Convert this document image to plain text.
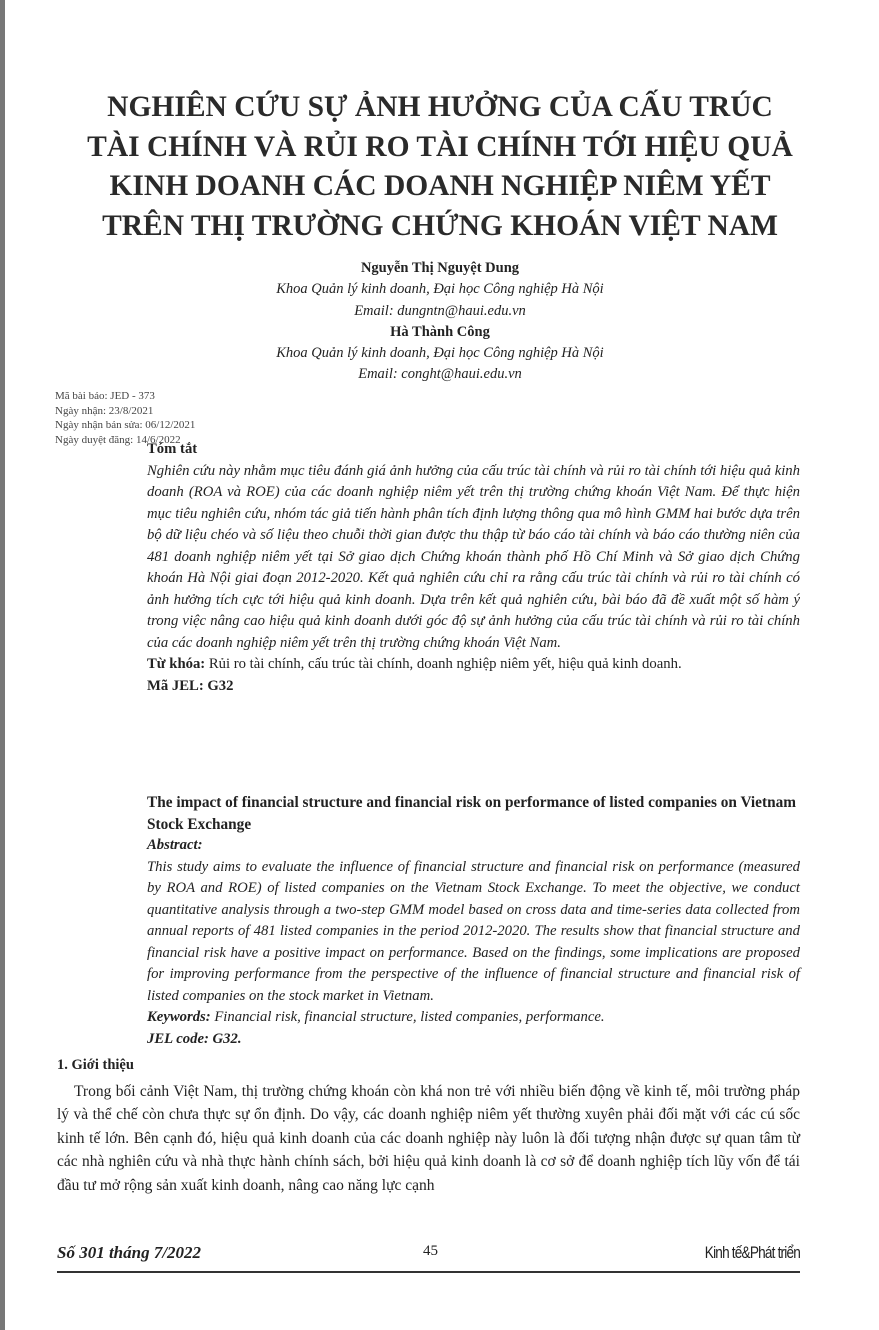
NGHIÊN CỨU SỰ ẢNH HƯỞNG CỦA CẤU TRÚC
TÀI CHÍNH VÀ RỦI RO TÀI CHÍNH TỚI HIỆU QUẢ
KINH DOANH CÁC DOANH NGHIỆP NIÊM YẾT
TRÊN THỊ TRƯỜNG CHỨNG KHOÁN VIỆT NAM
Nguyễn Thị Nguyệt Dung
Khoa Quản lý kinh doanh, Đại học Công nghiệp Hà Nội
Email: dungntn@haui.edu.vn
Hà Thành Công
Khoa Quản lý kinh doanh, Đại học Công nghiệp Hà Nội
Email: conght@haui.edu.vn
Mã bài báo: JED - 373
Ngày nhận: 23/8/2021
Ngày nhận bản sửa: 06/12/2021
Ngày duyệt đăng: 14/6/2022
Tóm tắt
Nghiên cứu này nhằm mục tiêu đánh giá ảnh hưởng của cấu trúc tài chính và rủi ro tài chính tới hiệu quả kinh doanh (ROA và ROE) của các doanh nghiệp niêm yết trên thị trường chứng khoán Việt Nam. Để thực hiện mục tiêu nghiên cứu, nhóm tác giả tiến hành phân tích định lượng thông qua mô hình GMM hai bước dựa trên bộ dữ liệu chéo và số liệu theo chuỗi thời gian được thu thập từ báo cáo tài chính và báo cáo thường niên của 481 doanh nghiệp niêm yết tại Sở giao dịch Chứng khoán thành phố Hồ Chí Minh và Sở giao dịch Chứng khoán Hà Nội giai đoạn 2012-2020. Kết quả nghiên cứu chỉ ra rằng cấu trúc tài chính và rủi ro tài chính có ảnh hưởng tích cực tới hiệu quả kinh doanh. Dựa trên kết quả nghiên cứu, bài báo đã đề xuất một số hàm ý trong việc nâng cao hiệu quả kinh doanh dưới góc độ sự ảnh hưởng của cấu trúc tài chính và rủi ro tài chính của các doanh nghiệp niêm yết trên thị trường chứng khoán Việt Nam.
Từ khóa: Rủi ro tài chính, cấu trúc tài chính, doanh nghiệp niêm yết, hiệu quả kinh doanh.
Mã JEL: G32
The impact of financial structure and financial risk on performance of listed companies on Vietnam Stock Exchange
Abstract:
This study aims to evaluate the influence of financial structure and financial risk on performance (measured by ROA and ROE) of listed companies on the Vietnam Stock Exchange. To meet the objective, we conduct quantitative analysis through a two-step GMM model based on cross data and time-series data collected from annual reports of 481 listed companies in the period 2012-2020. The results show that financial structure and financial risk have a positive impact on performance. Based on the findings, some implications are proposed for improving performance from the perspective of the influence of financial structure and financial risk of listed companies on the stock market in Vietnam.
Keywords: Financial risk, financial structure, listed companies, performance.
JEL code: G32.
1. Giới thiệu
Trong bối cảnh Việt Nam, thị trường chứng khoán còn khá non trẻ với nhiều biến động về kinh tế, môi trường pháp lý và thể chế còn chưa thực sự ổn định. Do vậy, các doanh nghiệp niêm yết thường xuyên phải đối mặt với các cú sốc kinh tế lớn. Bên cạnh đó, hiệu quả kinh doanh của các doanh nghiệp này luôn là đối tượng nhận được sự quan tâm từ các nhà nghiên cứu và nhà thực hành chính sách, bởi hiệu quả kinh doanh là cơ sở để doanh nghiệp tích lũy vốn để tái đầu tư mở rộng sản xuất kinh doanh, nâng cao năng lực cạnh
Số 301 tháng 7/2022	45	Kinh tế&Phát triển
